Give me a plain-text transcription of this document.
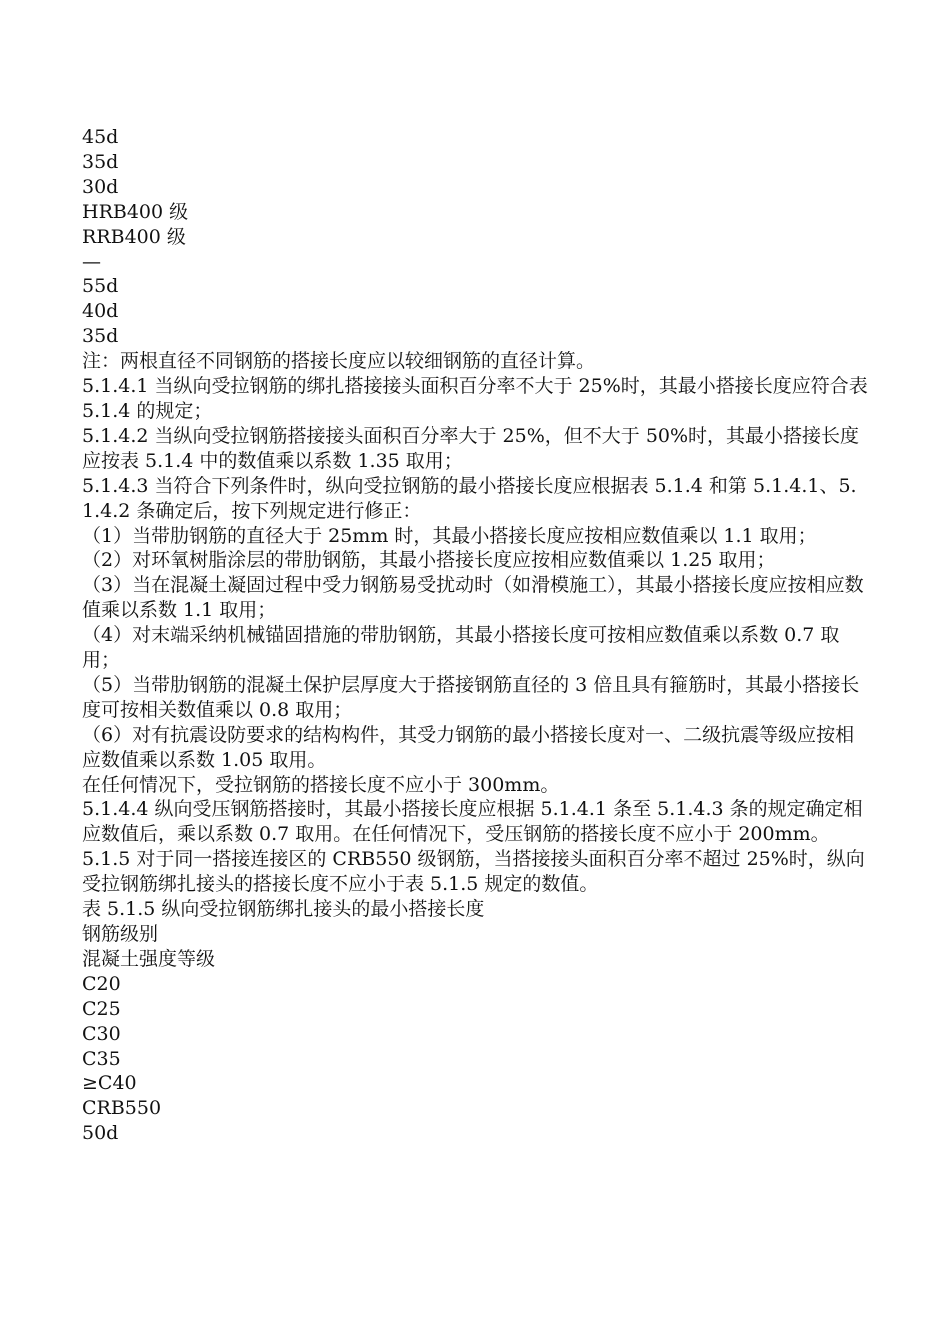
45d

35d

30d

HRB400 级

RRB400 级

—

55d

40d

35d

注：两根直径不同钢筋的搭接长度应以较细钢筋的直径计算。

5.1.4.1 当纵向受拉钢筋的绑扎搭接接头面积百分率不大于 25%时，其最小搭接长度应符合表 5.1.4 的规定；

5.1.4.2 当纵向受拉钢筋搭接接头面积百分率大于 25%，但不大于 50%时，其最小搭接长度应按表 5.1.4 中的数值乘以系数 1.35 取用；

5.1.4.3 当符合下列条件时，纵向受拉钢筋的最小搭接长度应根据表 5.1.4 和第 5.1.4.1、5.1.4.2 条确定后，按下列规定进行修正：

（1）当带肋钢筋的直径大于 25mm 时，其最小搭接长度应按相应数值乘以 1.1 取用；

（2）对环氧树脂涂层的带肋钢筋，其最小搭接长度应按相应数值乘以 1.25 取用；

（3）当在混凝土凝固过程中受力钢筋易受扰动时（如滑模施工），其最小搭接长度应按相应数值乘以系数 1.1 取用；

（4）对末端采纳机械锚固措施的带肋钢筋，其最小搭接长度可按相应数值乘以系数 0.7 取用；

（5）当带肋钢筋的混凝土保护层厚度大于搭接钢筋直径的 3 倍且具有箍筋时，其最小搭接长度可按相关数值乘以 0.8 取用；

（6）对有抗震设防要求的结构构件，其受力钢筋的最小搭接长度对一、二级抗震等级应按相应数值乘以系数 1.05 取用。

在任何情况下，受拉钢筋的搭接长度不应小于 300mm。

5.1.4.4 纵向受压钢筋搭接时，其最小搭接长度应根据 5.1.4.1 条至 5.1.4.3 条的规定确定相应数值后，乘以系数 0.7 取用。在任何情况下，受压钢筋的搭接长度不应小于 200mm。

5.1.5 对于同一搭接连接区的 CRB550 级钢筋，当搭接接头面积百分率不超过 25%时，纵向受拉钢筋绑扎接头的搭接长度不应小于表 5.1.5 规定的数值。

表 5.1.5 纵向受拉钢筋绑扎接头的最小搭接长度

钢筋级别

混凝土强度等级

C20

C25

C30

C35

≥C40

CRB550

50d
